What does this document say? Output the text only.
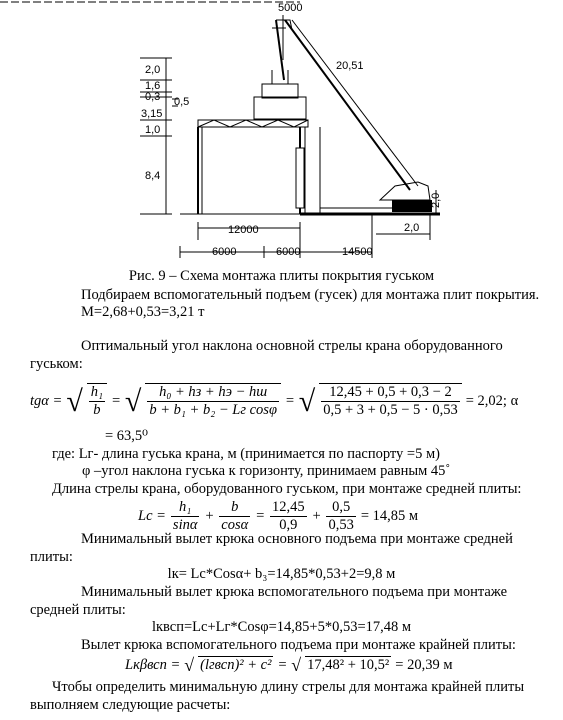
5000
20,51
2,0
1,6
0,3 0,5
3,15
1,0
8,4
12000
6000	6000	14500
2,0
2,0
Рис. 9 – Схема монтажа плиты покрытия гуськом
Подбираем вспомогательный подъем (гусек) для монтажа плит покрытия.
М=2,68+0,53=3,21 т
Оптимальный угол наклона основной стрелы крана оборудованного
гуськом:
tgα = √ $\frac{\text{h₁}}{b}$ = √ $\frac{\text{h₀ + hз + hэ − hш}}{\text{b + b₁ + b₂ − Lг cosφ}}$ = √ $\frac{12,45 + 0,5 + 0,3 - 2}{0,5 + 3 + 0,5 - 5 \cdot 0,53} = 2,02$; α
= 63,5⁰
где: Lг- длина гуська крана, м (принимается по паспорту =5 м)
φ –угол наклона гуська к горизонту, принимаем равным 45˚
Длина стрелы крана, оборудованного гуськом, при монтаже средней плиты:
$Lc = \frac{\text{h₁}}{\sin\alpha} + \frac{b}{\cos\alpha} = \frac{12,45}{0,9} + \frac{0,5}{0,53} = 14,85$ м
Минимальный вылет крюка основного подъема при монтаже средней
плиты:
lк= Lc*Cosα+ b₃=14,85*0,53+2=9,8 м
Минимальный вылет крюка вспомогательного подъема при монтаже
средней плиты:
lквсп=Lc+Lг*Cosφ=14,85+5*0,53=17,48 м
Вылет крюка вспомогательного подъема при монтаже крайней плиты:
Lкβвсп = √ (lгвсп)² + c² = √ 17,48² + 10,5² = 20,39 м
Чтобы определить минимальную длину стрелы для монтажа крайней плиты
выполняем следующие расчеты:
